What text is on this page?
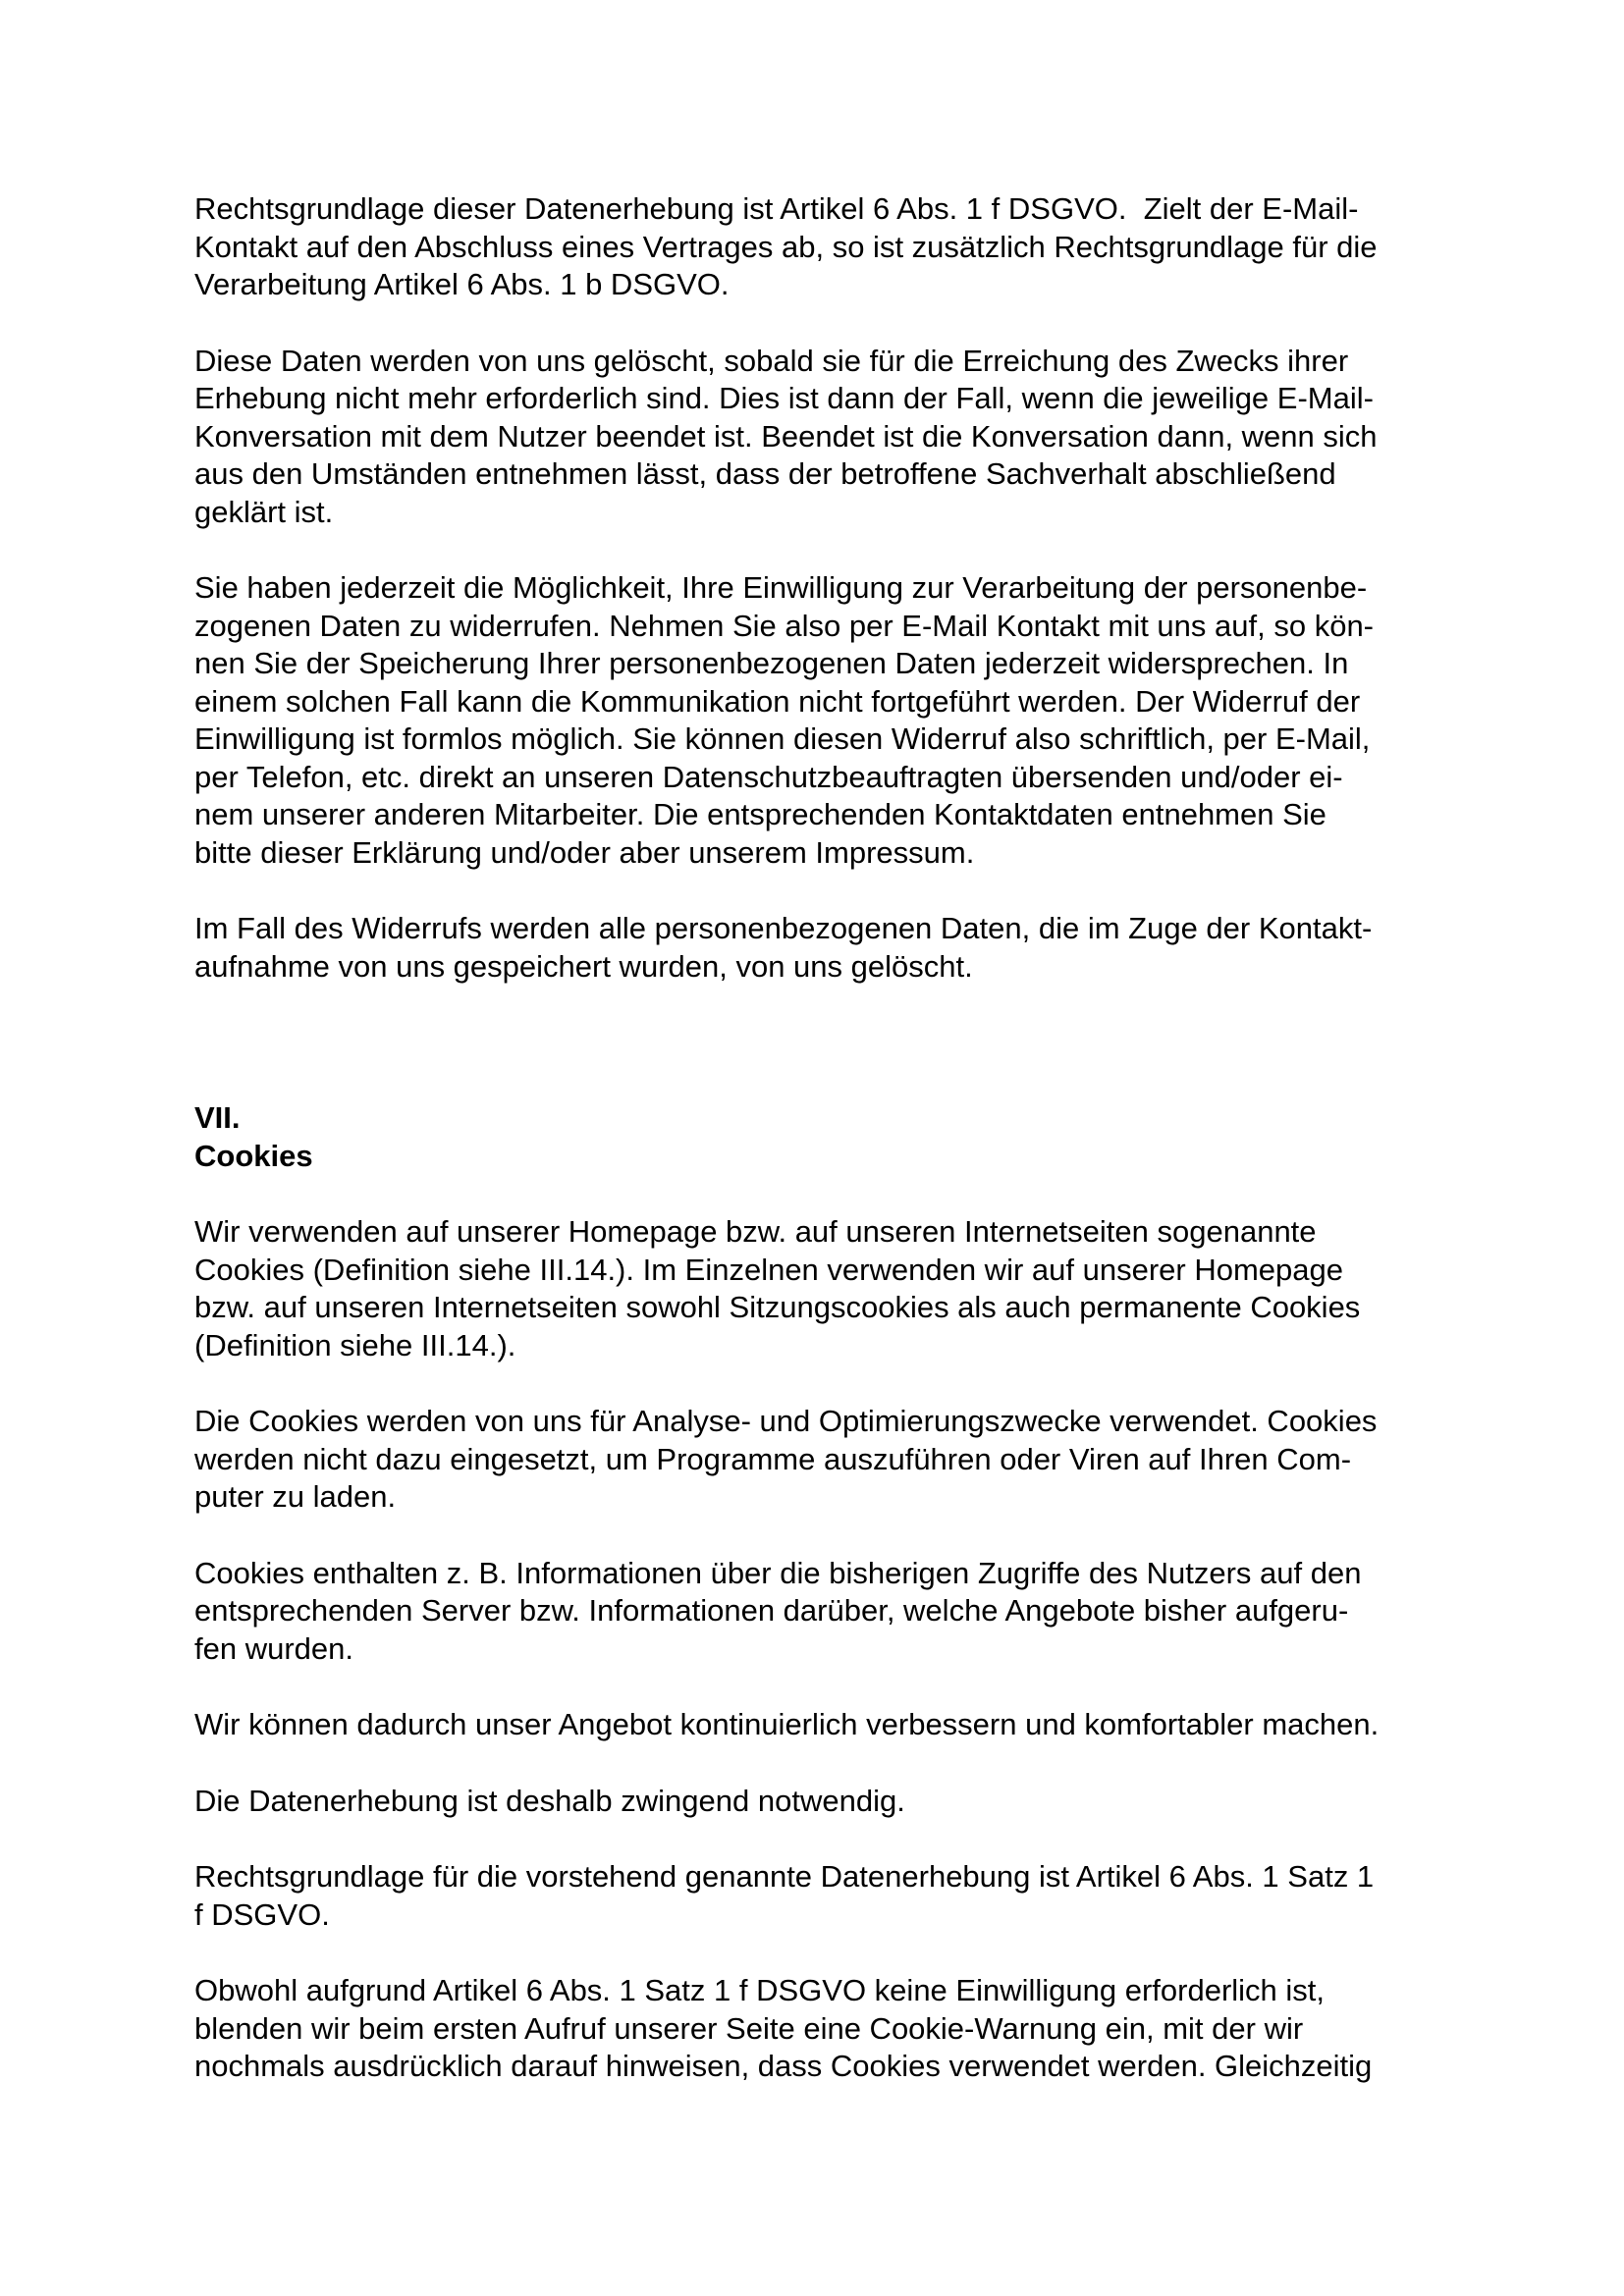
Rechtsgrundlage dieser Datenerhebung ist Artikel 6 Abs. 1 f DSGVO.  Zielt der E-Mail-
Kontakt auf den Abschluss eines Vertrages ab, so ist zusätzlich Rechtsgrundlage für die
Verarbeitung Artikel 6 Abs. 1 b DSGVO.
Diese Daten werden von uns gelöscht, sobald sie für die Erreichung des Zwecks ihrer
Erhebung nicht mehr erforderlich sind. Dies ist dann der Fall, wenn die jeweilige E-Mail-
Konversation mit dem Nutzer beendet ist. Beendet ist die Konversation dann, wenn sich
aus den Umständen entnehmen lässt, dass der betroffene Sachverhalt abschließend
geklärt ist.
Sie haben jederzeit die Möglichkeit, Ihre Einwilligung zur Verarbeitung der personenbe-
zogenen Daten zu widerrufen. Nehmen Sie also per E-Mail Kontakt mit uns auf, so kön-
nen Sie der Speicherung Ihrer personenbezogenen Daten jederzeit widersprechen. In
einem solchen Fall kann die Kommunikation nicht fortgeführt werden. Der Widerruf der
Einwilligung ist formlos möglich. Sie können diesen Widerruf also schriftlich, per E-Mail,
per Telefon, etc. direkt an unseren Datenschutzbeauftragten übersenden und/oder ei-
nem unserer anderen Mitarbeiter. Die entsprechenden Kontaktdaten entnehmen Sie
bitte dieser Erklärung und/oder aber unserem Impressum.
Im Fall des Widerrufs werden alle personenbezogenen Daten, die im Zuge der Kontakt-
aufnahme von uns gespeichert wurden, von uns gelöscht.
VII.
Cookies
Wir verwenden auf unserer Homepage bzw. auf unseren Internetseiten sogenannte
Cookies (Definition siehe III.14.). Im Einzelnen verwenden wir auf unserer Homepage
bzw. auf unseren Internetseiten sowohl Sitzungscookies als auch permanente Cookies
(Definition siehe III.14.).
Die Cookies werden von uns für Analyse- und Optimierungszwecke verwendet. Cookies
werden nicht dazu eingesetzt, um Programme auszuführen oder Viren auf Ihren Com-
puter zu laden.
Cookies enthalten z. B. Informationen über die bisherigen Zugriffe des Nutzers auf den
entsprechenden Server bzw. Informationen darüber, welche Angebote bisher aufgeru-
fen wurden.
Wir können dadurch unser Angebot kontinuierlich verbessern und komfortabler machen.
Die Datenerhebung ist deshalb zwingend notwendig.
Rechtsgrundlage für die vorstehend genannte Datenerhebung ist Artikel 6 Abs. 1 Satz 1
f DSGVO.
Obwohl aufgrund Artikel 6 Abs. 1 Satz 1 f DSGVO keine Einwilligung erforderlich ist,
blenden wir beim ersten Aufruf unserer Seite eine Cookie-Warnung ein, mit der wir
nochmals ausdrücklich darauf hinweisen, dass Cookies verwendet werden. Gleichzeitig
